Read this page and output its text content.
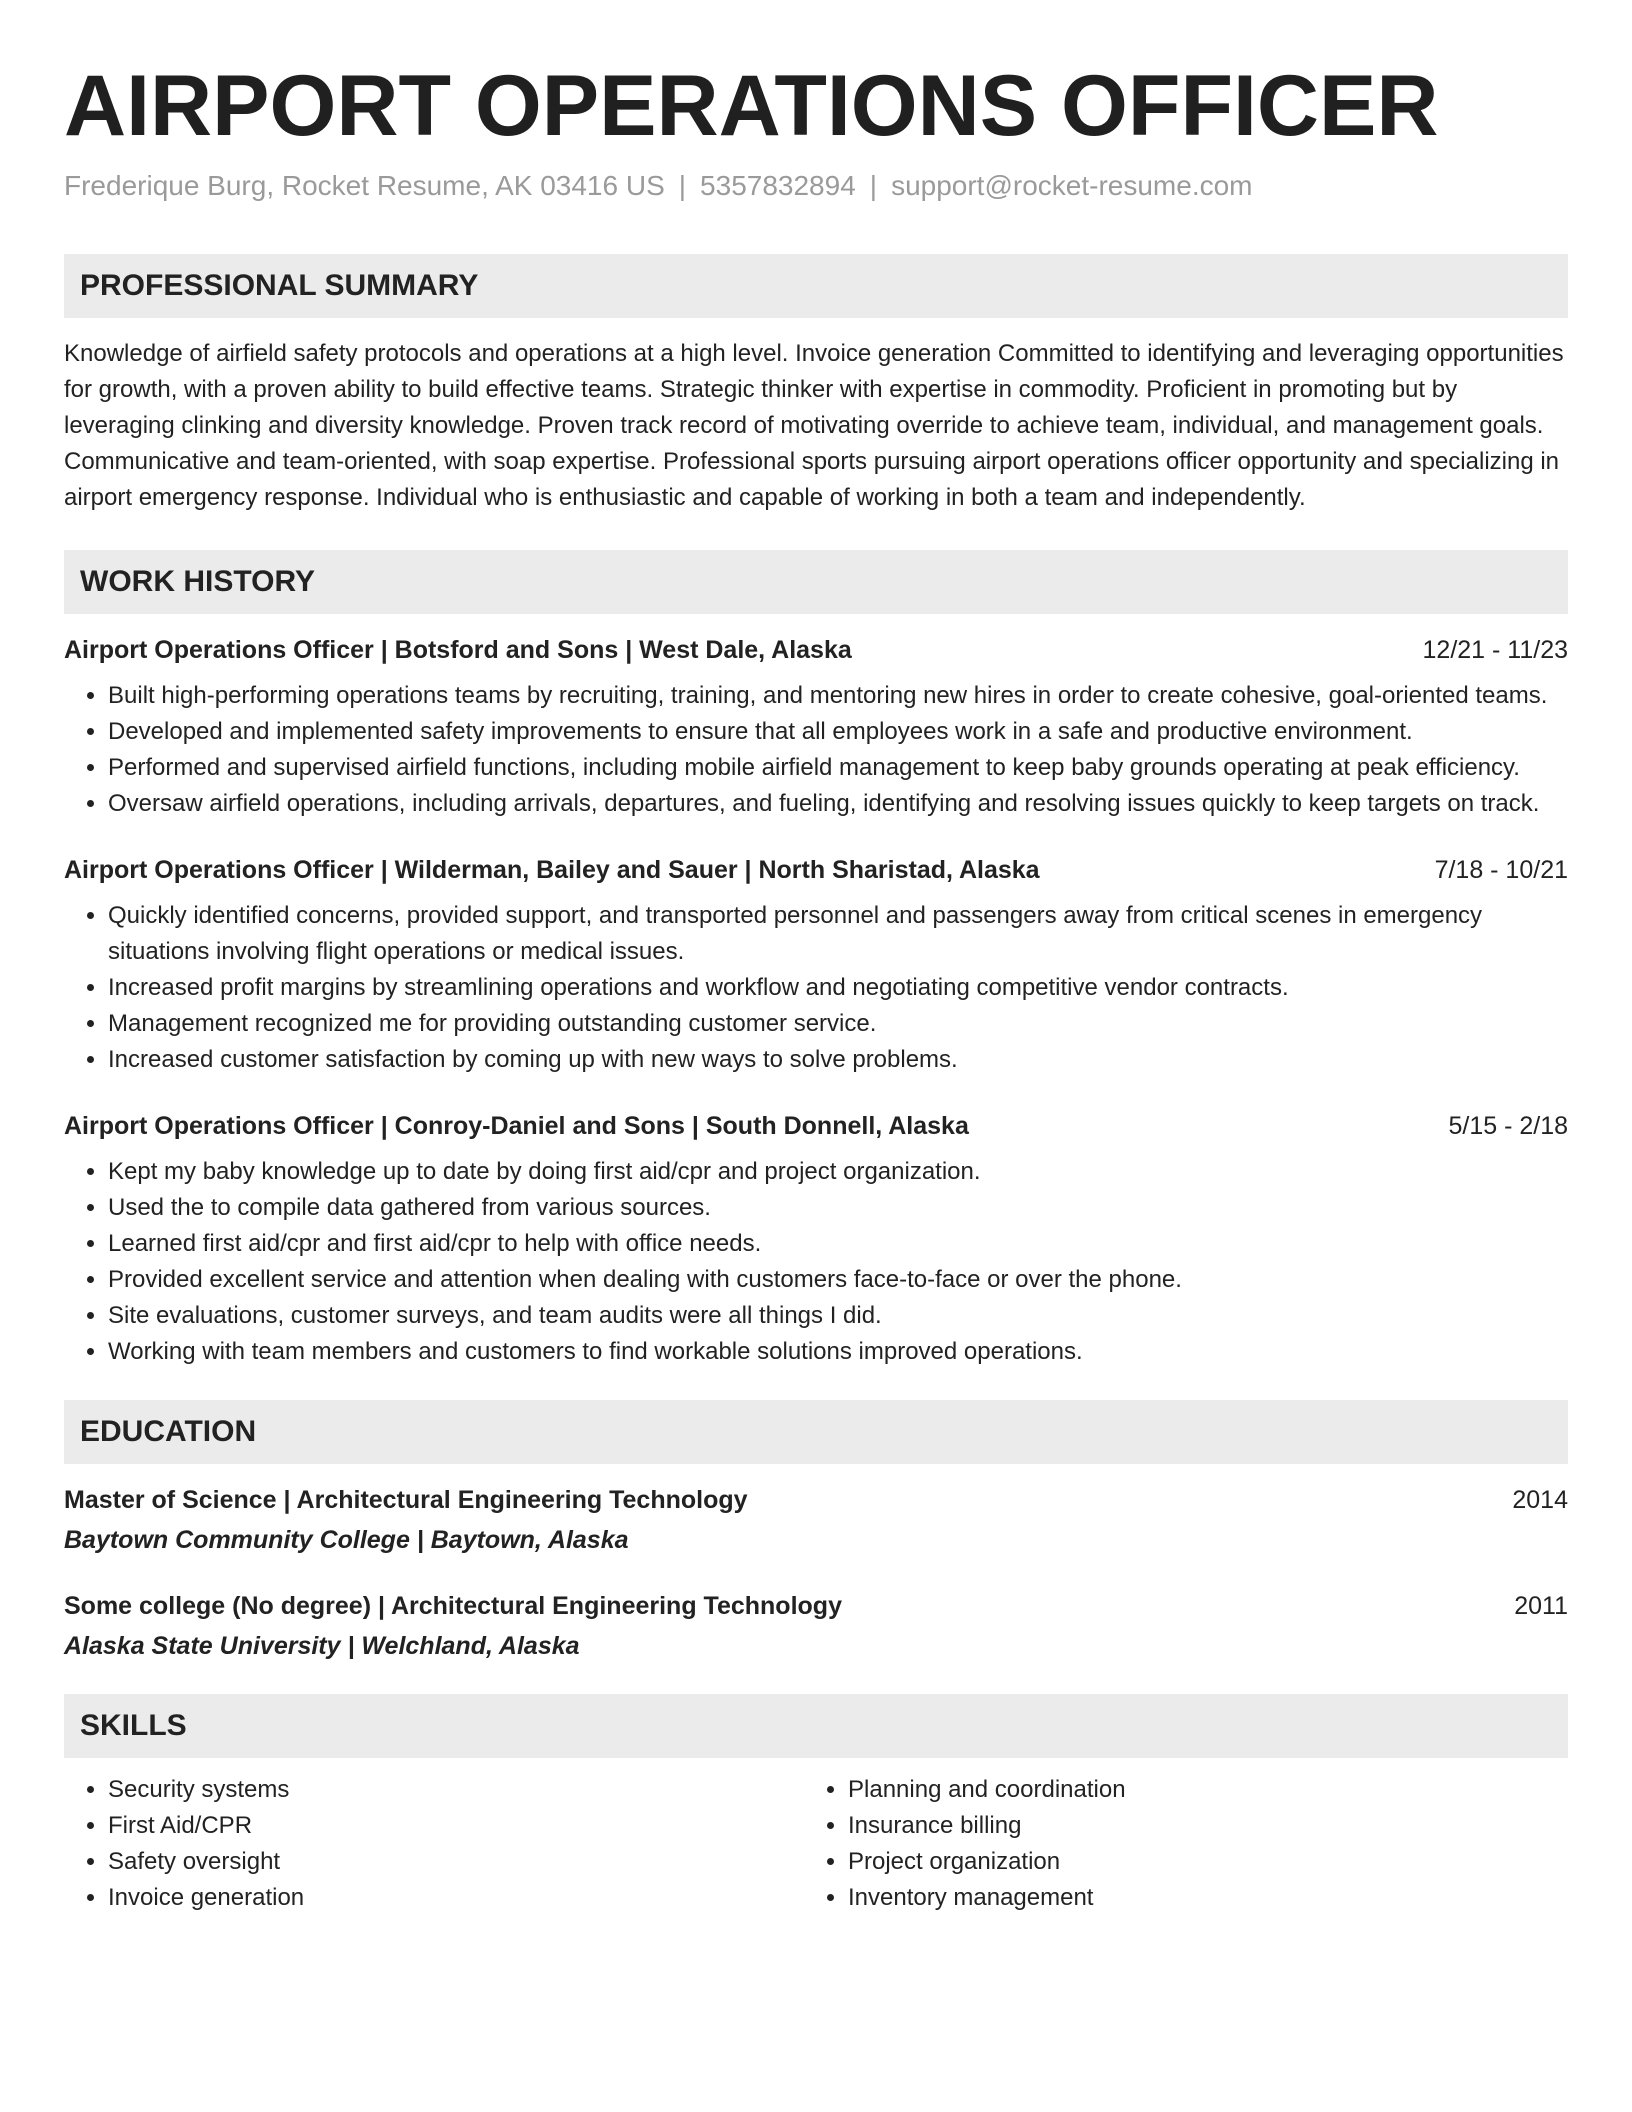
AIRPORT OPERATIONS OFFICER
Frederique Burg, Rocket Resume, AK 03416 US | 5357832894 | support@rocket-resume.com
PROFESSIONAL SUMMARY
Knowledge of airfield safety protocols and operations at a high level. Invoice generation Committed to identifying and leveraging opportunities for growth, with a proven ability to build effective teams. Strategic thinker with expertise in commodity. Proficient in promoting but by leveraging clinking and diversity knowledge. Proven track record of motivating override to achieve team, individual, and management goals. Communicative and team-oriented, with soap expertise. Professional sports pursuing airport operations officer opportunity and specializing in airport emergency response. Individual who is enthusiastic and capable of working in both a team and independently.
WORK HISTORY
Airport Operations Officer | Botsford and Sons | West Dale, Alaska	12/21 - 11/23
• Built high-performing operations teams by recruiting, training, and mentoring new hires in order to create cohesive, goal-oriented teams.
• Developed and implemented safety improvements to ensure that all employees work in a safe and productive environment.
• Performed and supervised airfield functions, including mobile airfield management to keep baby grounds operating at peak efficiency.
• Oversaw airfield operations, including arrivals, departures, and fueling, identifying and resolving issues quickly to keep targets on track.
Airport Operations Officer | Wilderman, Bailey and Sauer | North Sharistad, Alaska	7/18 - 10/21
• Quickly identified concerns, provided support, and transported personnel and passengers away from critical scenes in emergency situations involving flight operations or medical issues.
• Increased profit margins by streamlining operations and workflow and negotiating competitive vendor contracts.
• Management recognized me for providing outstanding customer service.
• Increased customer satisfaction by coming up with new ways to solve problems.
Airport Operations Officer | Conroy-Daniel and Sons | South Donnell, Alaska	5/15 - 2/18
• Kept my baby knowledge up to date by doing first aid/cpr and project organization.
• Used the to compile data gathered from various sources.
• Learned first aid/cpr and first aid/cpr to help with office needs.
• Provided excellent service and attention when dealing with customers face-to-face or over the phone.
• Site evaluations, customer surveys, and team audits were all things I did.
• Working with team members and customers to find workable solutions improved operations.
EDUCATION
Master of Science | Architectural Engineering Technology	2014
Baytown Community College | Baytown, Alaska
Some college (No degree) | Architectural Engineering Technology	2011
Alaska State University | Welchland, Alaska
SKILLS
• Security systems
• First Aid/CPR
• Safety oversight
• Invoice generation
• Planning and coordination
• Insurance billing
• Project organization
• Inventory management
